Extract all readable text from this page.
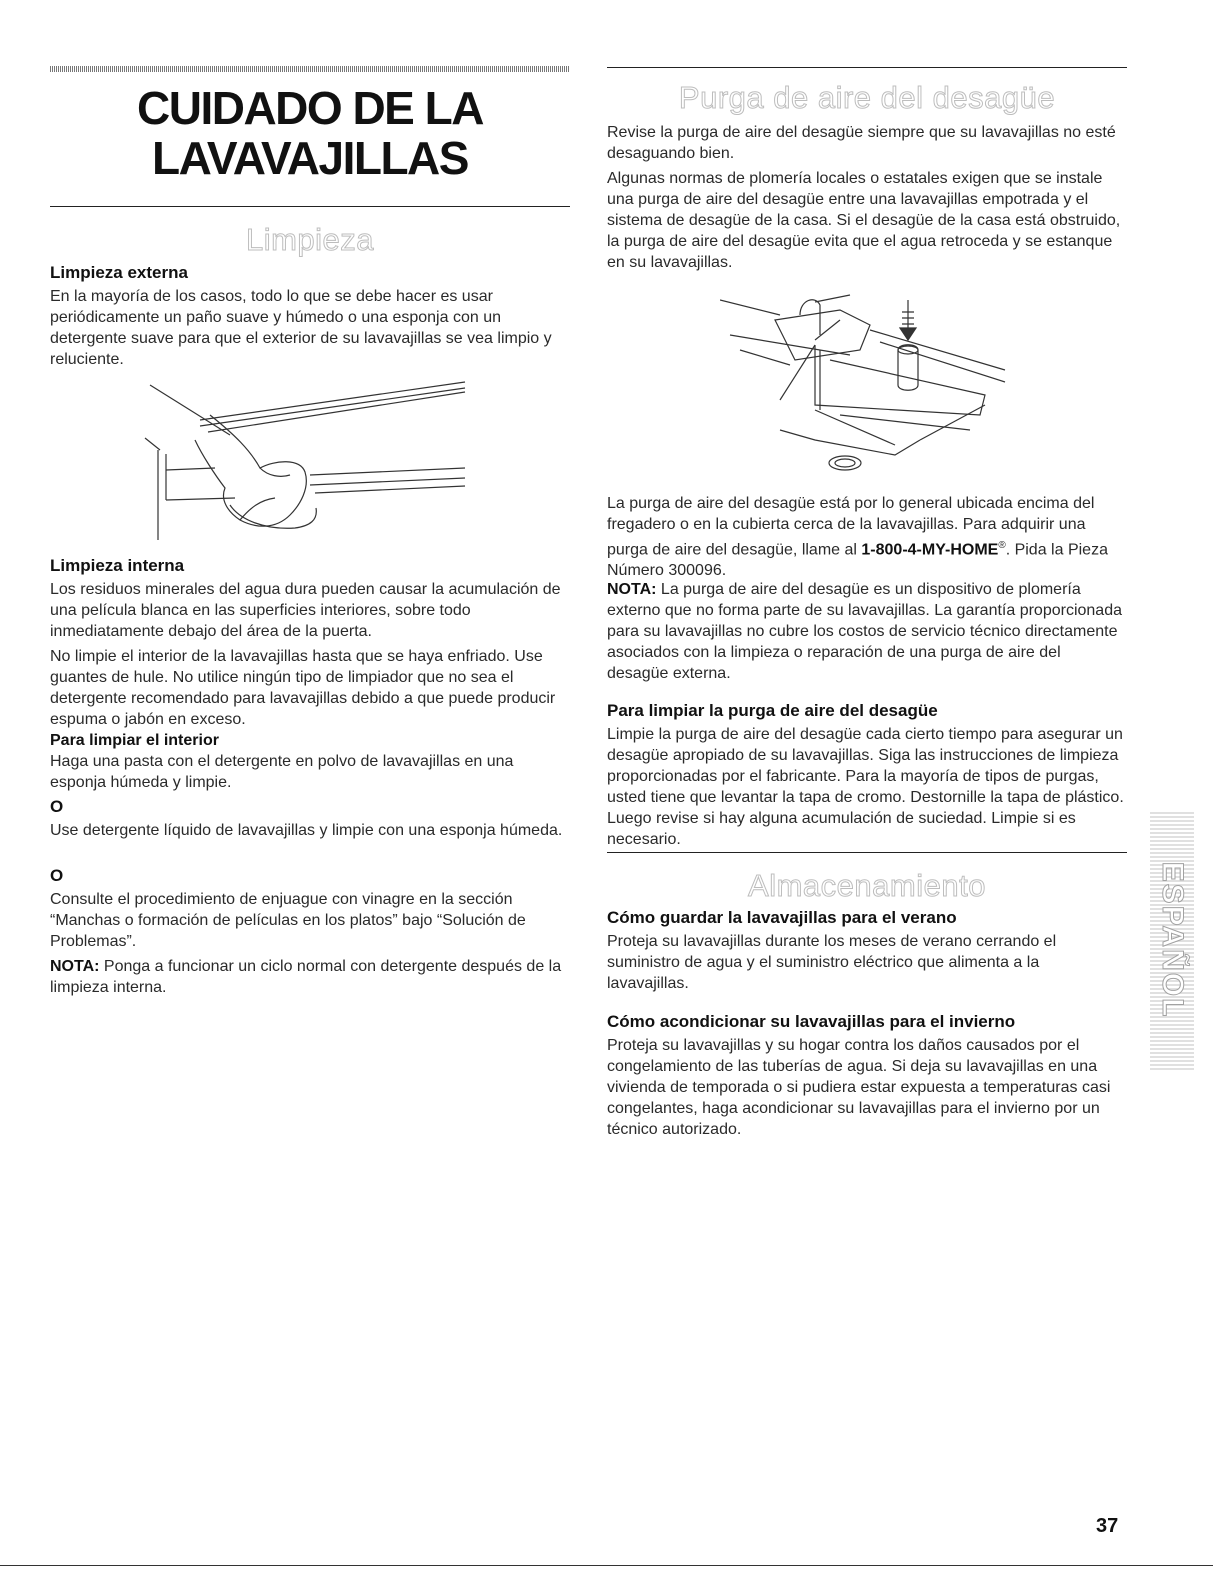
CUIDADO DE LA
LAVAVAJILLAS
Limpieza
Limpieza externa

En la mayoría de los casos, todo lo que se debe hacer es usar periódicamente un paño suave y húmedo o una esponja con un detergente suave para que el exterior de su lavavajillas se vea limpio y reluciente.

Limpieza interna

Los residuos minerales del agua dura pueden causar la acumulación de una película blanca en las superficies interiores, sobre todo inmediatamente debajo del área de la puerta.

No limpie el interior de la lavavajillas hasta que se haya enfriado. Use guantes de hule. No utilice ningún tipo de limpiador que no sea el detergente recomendado para lavavajillas debido a que puede producir espuma o jabón en exceso.

Para limpiar el interior

Haga una pasta con el detergente en polvo de lavavajillas en una esponja húmeda y limpie.

O

Use detergente líquido de lavavajillas y limpie con una esponja húmeda.

O

Consulte el procedimiento de enjuague con vinagre en la sección “Manchas o formación de películas en los platos” bajo “Solución de Problemas”.

NOTA: Ponga a funcionar un ciclo normal con detergente después de la limpieza interna.

Purga de aire del desagüe

Revise la purga de aire del desagüe siempre que su lavavajillas no esté desaguando bien.

Algunas normas de plomería locales o estatales exigen que se instale una purga de aire del desagüe entre una lavavajillas empotrada y el sistema de desagüe de la casa. Si el desagüe de la casa está obstruido, la purga de aire del desagüe evita que el agua retroceda y se estanque en su lavavajillas.

La purga de aire del desagüe está por lo general ubicada encima del fregadero o en la cubierta cerca de la lavavajillas. Para adquirir una purga de aire del desagüe, llame al 1-800-4-MY-HOME®. Pida la Pieza Número 300096.

NOTA: La purga de aire del desagüe es un dispositivo de plomería externo que no forma parte de su lavavajillas. La garantía proporcionada para su lavavajillas no cubre los costos de servicio técnico directamente asociados con la limpieza o reparación de una purga de aire del desagüe externa.

Para limpiar la purga de aire del desagüe

Limpie la purga de aire del desagüe cada cierto tiempo para asegurar un desagüe apropiado de su lavavajillas. Siga las instrucciones de limpieza proporcionadas por el fabricante. Para la mayoría de tipos de purgas, usted tiene que levantar la tapa de cromo. Destornille la tapa de plástico. Luego revise si hay alguna acumulación de suciedad. Limpie si es necesario.

Almacenamiento
Cómo guardar la lavavajillas para el verano

Proteja su lavavajillas durante los meses de verano cerrando el suministro de agua y el suministro eléctrico que alimenta a la lavavajillas.

Cómo acondicionar su lavavajillas para el invierno

Proteja su lavavajillas y su hogar contra los daños causados por el congelamiento de las tuberías de agua. Si deja su lavavajillas en una vivienda de temporada o si pudiera estar expuesta a temperaturas casi congelantes, haga acondicionar su lavavajillas para el invierno por un técnico autorizado.

ESPAÑOL
37
